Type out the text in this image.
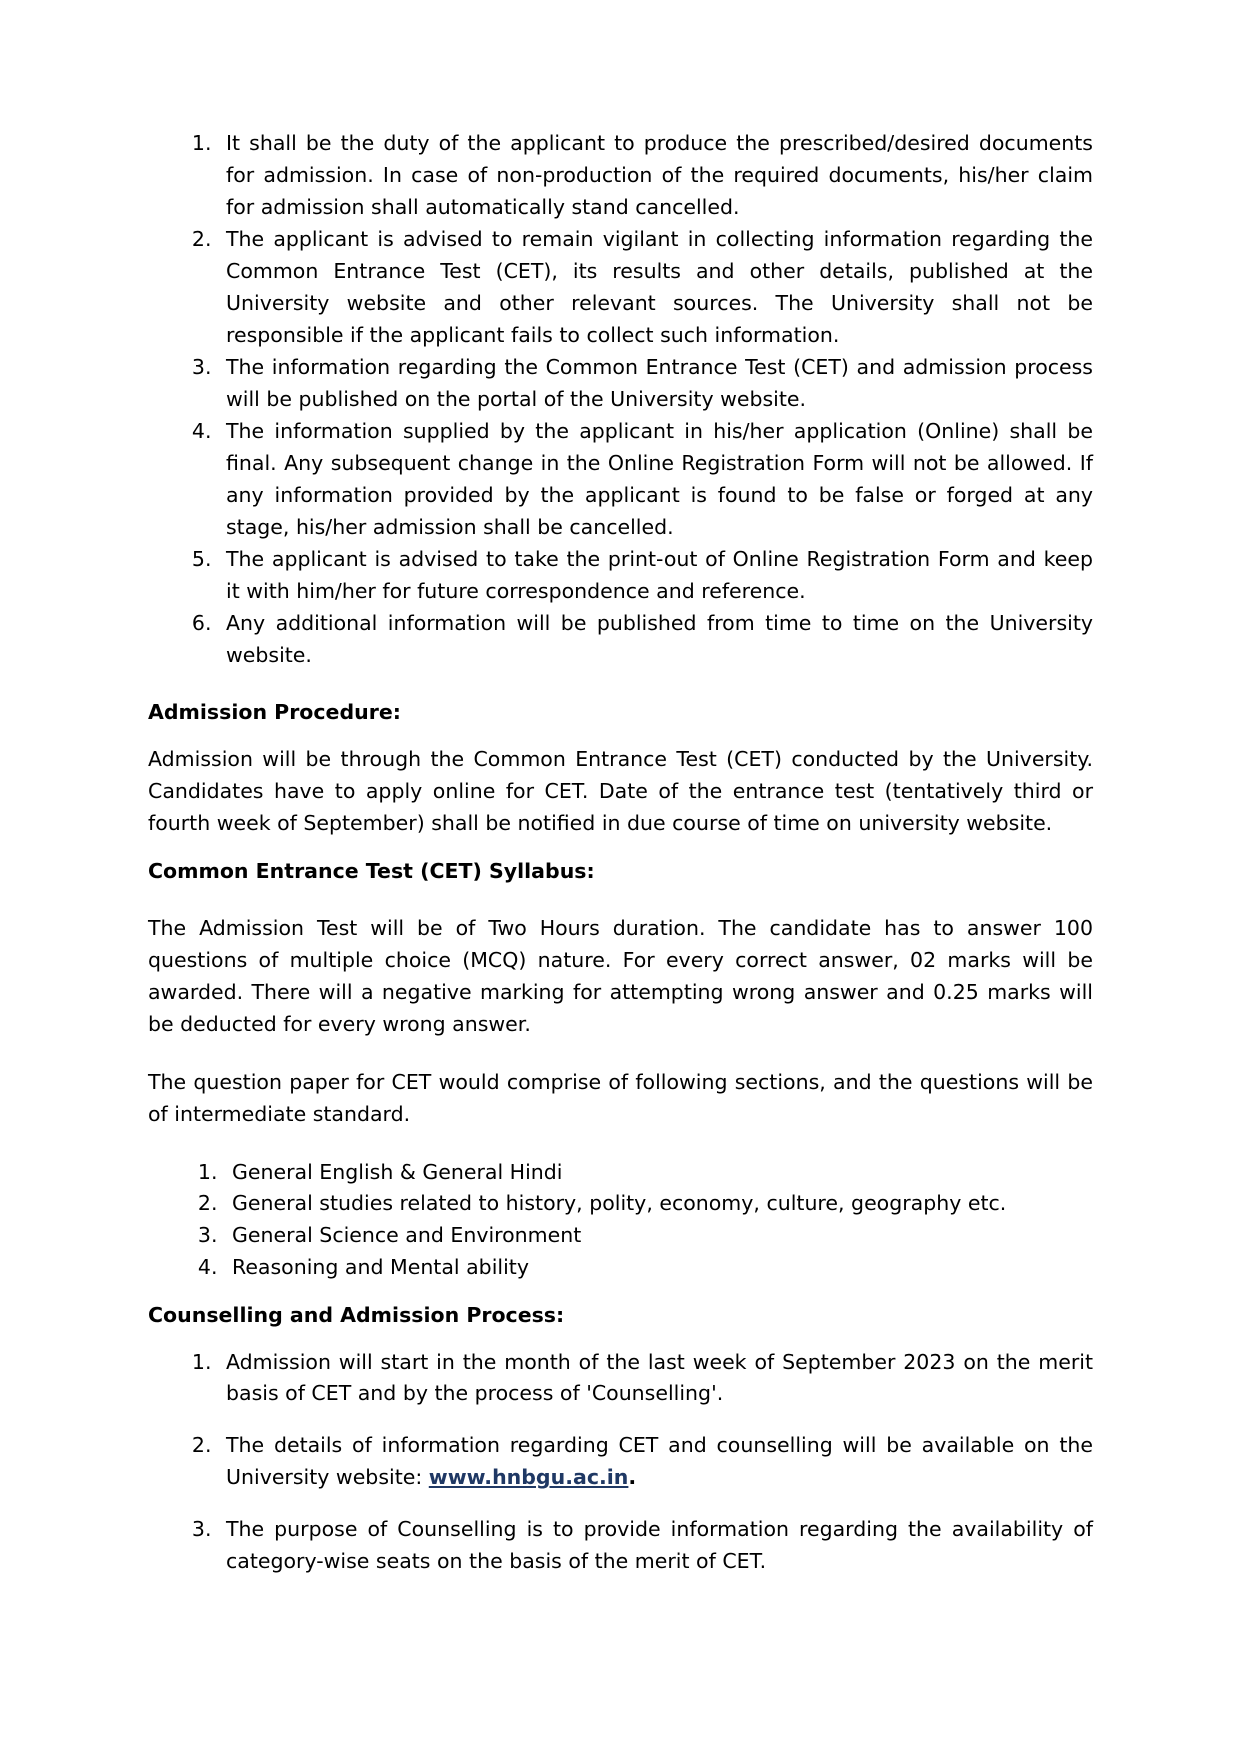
1. It shall be the duty of the applicant to produce the prescribed/desired documents for admission. In case of non-production of the required documents, his/her claim for admission shall automatically stand cancelled.
2. The applicant is advised to remain vigilant in collecting information regarding the Common Entrance Test (CET), its results and other details, published at the University website and other relevant sources. The University shall not be responsible if the applicant fails to collect such information.
3. The information regarding the Common Entrance Test (CET) and admission process will be published on the portal of the University website.
4. The information supplied by the applicant in his/her application (Online) shall be final. Any subsequent change in the Online Registration Form will not be allowed. If any information provided by the applicant is found to be false or forged at any stage, his/her admission shall be cancelled.
5. The applicant is advised to take the print-out of Online Registration Form and keep it with him/her for future correspondence and reference.
6. Any additional information will be published from time to time on the University website.

Admission Procedure:

Admission will be through the Common Entrance Test (CET) conducted by the University. Candidates have to apply online for CET. Date of the entrance test (tentatively third or fourth week of September) shall be notified in due course of time on university website.

Common Entrance Test (CET) Syllabus:

The Admission Test will be of Two Hours duration. The candidate has to answer 100 questions of multiple choice (MCQ) nature. For every correct answer, 02 marks will be awarded. There will a negative marking for attempting wrong answer and 0.25 marks will be deducted for every wrong answer.

The question paper for CET would comprise of following sections, and the questions will be of intermediate standard.

1. General English & General Hindi
2. General studies related to history, polity, economy, culture, geography etc.
3. General Science and Environment
4. Reasoning and Mental ability

Counselling and Admission Process:

1. Admission will start in the month of the last week of September 2023 on the merit basis of CET and by the process of 'Counselling'.
2. The details of information regarding CET and counselling will be available on the University website: www.hnbgu.ac.in.
3. The purpose of Counselling is to provide information regarding the availability of category-wise seats on the basis of the merit of CET.
